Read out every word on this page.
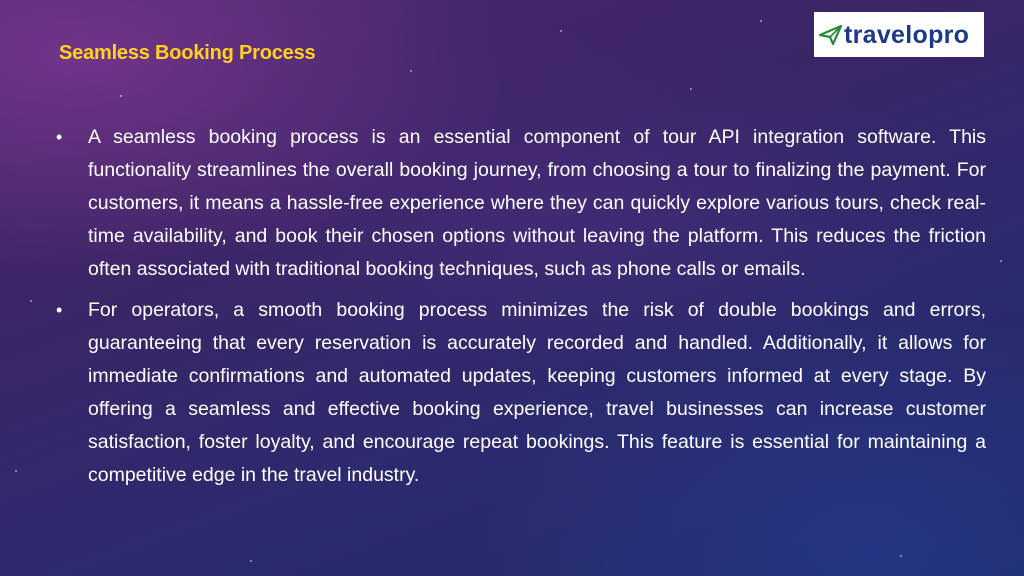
Seamless Booking Process
travelopro
• A seamless booking process is an essential component of tour API integration software. This functionality streamlines the overall booking journey, from choosing a tour to finalizing the payment. For customers, it means a hassle-free experience where they can quickly explore various tours, check real-time availability, and book their chosen options without leaving the platform. This reduces the friction often associated with traditional booking techniques, such as phone calls or emails.
• For operators, a smooth booking process minimizes the risk of double bookings and errors, guaranteeing that every reservation is accurately recorded and handled. Additionally, it allows for immediate confirmations and automated updates, keeping customers informed at every stage. By offering a seamless and effective booking experience, travel businesses can increase customer satisfaction, foster loyalty, and encourage repeat bookings. This feature is essential for maintaining a competitive edge in the travel industry.
